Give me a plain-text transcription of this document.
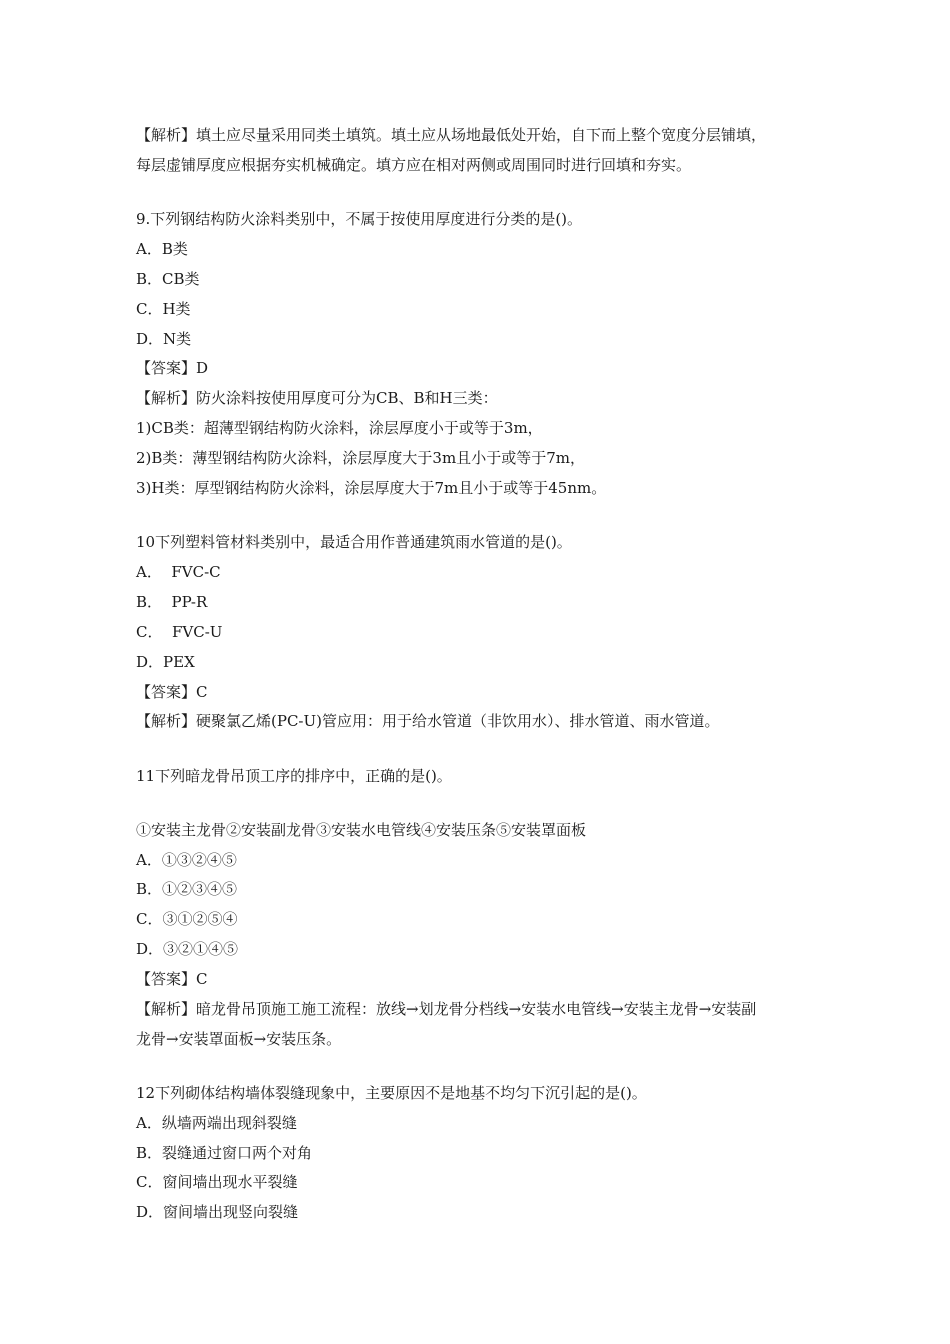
【解析】填土应尽量采用同类土填筑。填土应从场地最低处开始，自下而上整个宽度分层铺填，
每层虚铺厚度应根据夯实机械确定。填方应在相对两侧或周围同时进行回填和夯实。
9.下列钢结构防火涂料类别中，不属于按使用厚度进行分类的是()。
A．B类
B．CB类
C．H类
D．N类
【答案】D
【解析】防火涂料按使用厚度可分为CB、B和H三类：
1)CB类：超薄型钢结构防火涂料，涂层厚度小于或等于3m，
2)B类：薄型钢结构防火涂料，涂层厚度大于3m且小于或等于7m，
3)H类：厚型钢结构防火涂料，涂层厚度大于7m且小于或等于45nm。
10下列塑料管材料类别中，最适合用作普通建筑雨水管道的是()。
A．  FVC-C
B．  PP-R
C．  FVC-U
D．PEX
【答案】C
【解析】硬聚氯乙烯(PC-U)管应用：用于给水管道（非饮用水）、排水管道、雨水管道。
11下列暗龙骨吊顶工序的排序中，正确的是()。
①安装主龙骨②安装副龙骨③安装水电管线④安装压条⑤安装罩面板
A．①③②④⑤
B．①②③④⑤
C．③①②⑤④
D．③②①④⑤
【答案】C
【解析】暗龙骨吊顶施工施工流程：放线→划龙骨分档线→安装水电管线→安装主龙骨→安装副
龙骨→安装罩面板→安装压条。
12下列砌体结构墙体裂缝现象中，主要原因不是地基不均匀下沉引起的是()。
A．纵墙两端出现斜裂缝
B．裂缝通过窗口两个对角
C．窗间墙出现水平裂缝
D．窗间墙出现竖向裂缝
